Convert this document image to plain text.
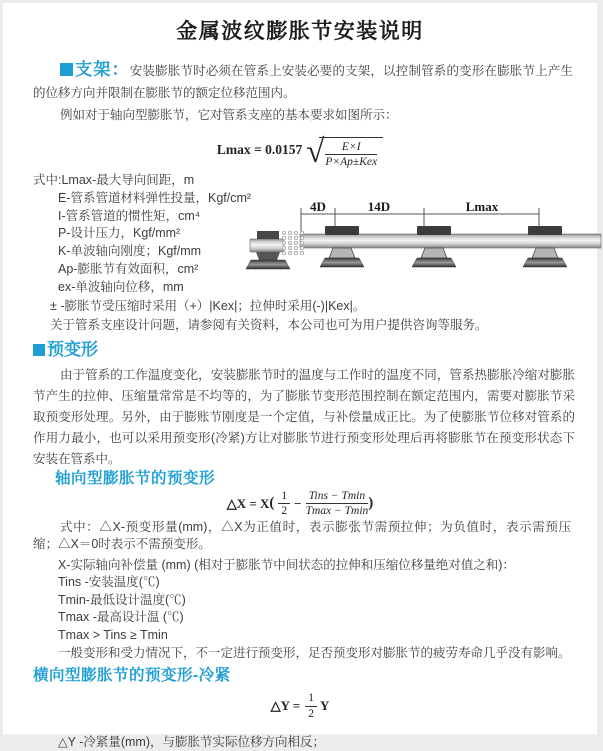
金属波纹膨胀节安装说明

支架：安装膨胀节时必须在管系上安装必要的支架，以控制管系的变形在膨胀节上产生的位移方向并限制在膨胀节的额定位移范围内。

例如对于轴向型膨胀节，它对管系支座的基本要求如图所示：

Lmax = 0.0157 √ $\frac{E\times I}{\text{P×Ap±Kex}}$
式中:Lmax-最大导向间距，m
E-管系管道材料弹性投量，Kgf/cm²
I-管系管道的惯性矩，cm⁴
P-设计压力，Kgf/mm²
K-单波轴向刚度；Kgf/mm
Ap-膨胀节有效面积，cm²
ex-单波轴向位移，mm
± -膨胀节受压缩时采用（+）|Kex|；拉伸时采用(-)|Kex|。
关于管系支座设计问题，请参阅有关资料，本公司也可为用户提供咨询等服务。
4D	14D	Lmax
预变形

由于管系的工作温度变化，安装膨胀节时的温度与工作时的温度不同，管系热膨胀冷缩对膨胀节产生的拉伸、压缩量常常是不均等的，为了膨胀节变形范围控制在额定范围内，需要对膨胀节采取预变形处理。另外，由于膨账节刚度是一个定值，与补偿量成正比。为了使膨胀节位移对管系的作用力最小，也可以采用预变形(冷紧)方让对膨胀节进行预变形处理后再将膨胀节在预变形状态下安装在管系中。

轴向型膨胀节的预变形
△X = X ( $\frac{1}{2} - \frac{\text{Tins − Tmin}}{Tmax - Tmin}$ )

式中：△X-预变形量(mm)，△X为正值时，表示膨张节需预拉伸；为负值时，表示需预压缩；△X＝0时表示不需预变形。

X-实际轴向补偿量 (mm) (相对于膨胀节中间状态的拉伸和压缩位移量绝对值之和)：
Tins -安装温度(℃)
Tmin-最低设计温度(℃)
Tmax -最高设计温 (℃)
Tmax > Tins ≥ Tmin
一般变形和受力情况下，不一定进行预变形，足否预变形对膨胀节的疲劳寿命几乎没有影响。
横向型膨胀节的预变形-冷紧
△Y = $\frac{1}{2}$ Y

△Y -冷紧量(mm)，与膨胀节实际位移方向相反；
